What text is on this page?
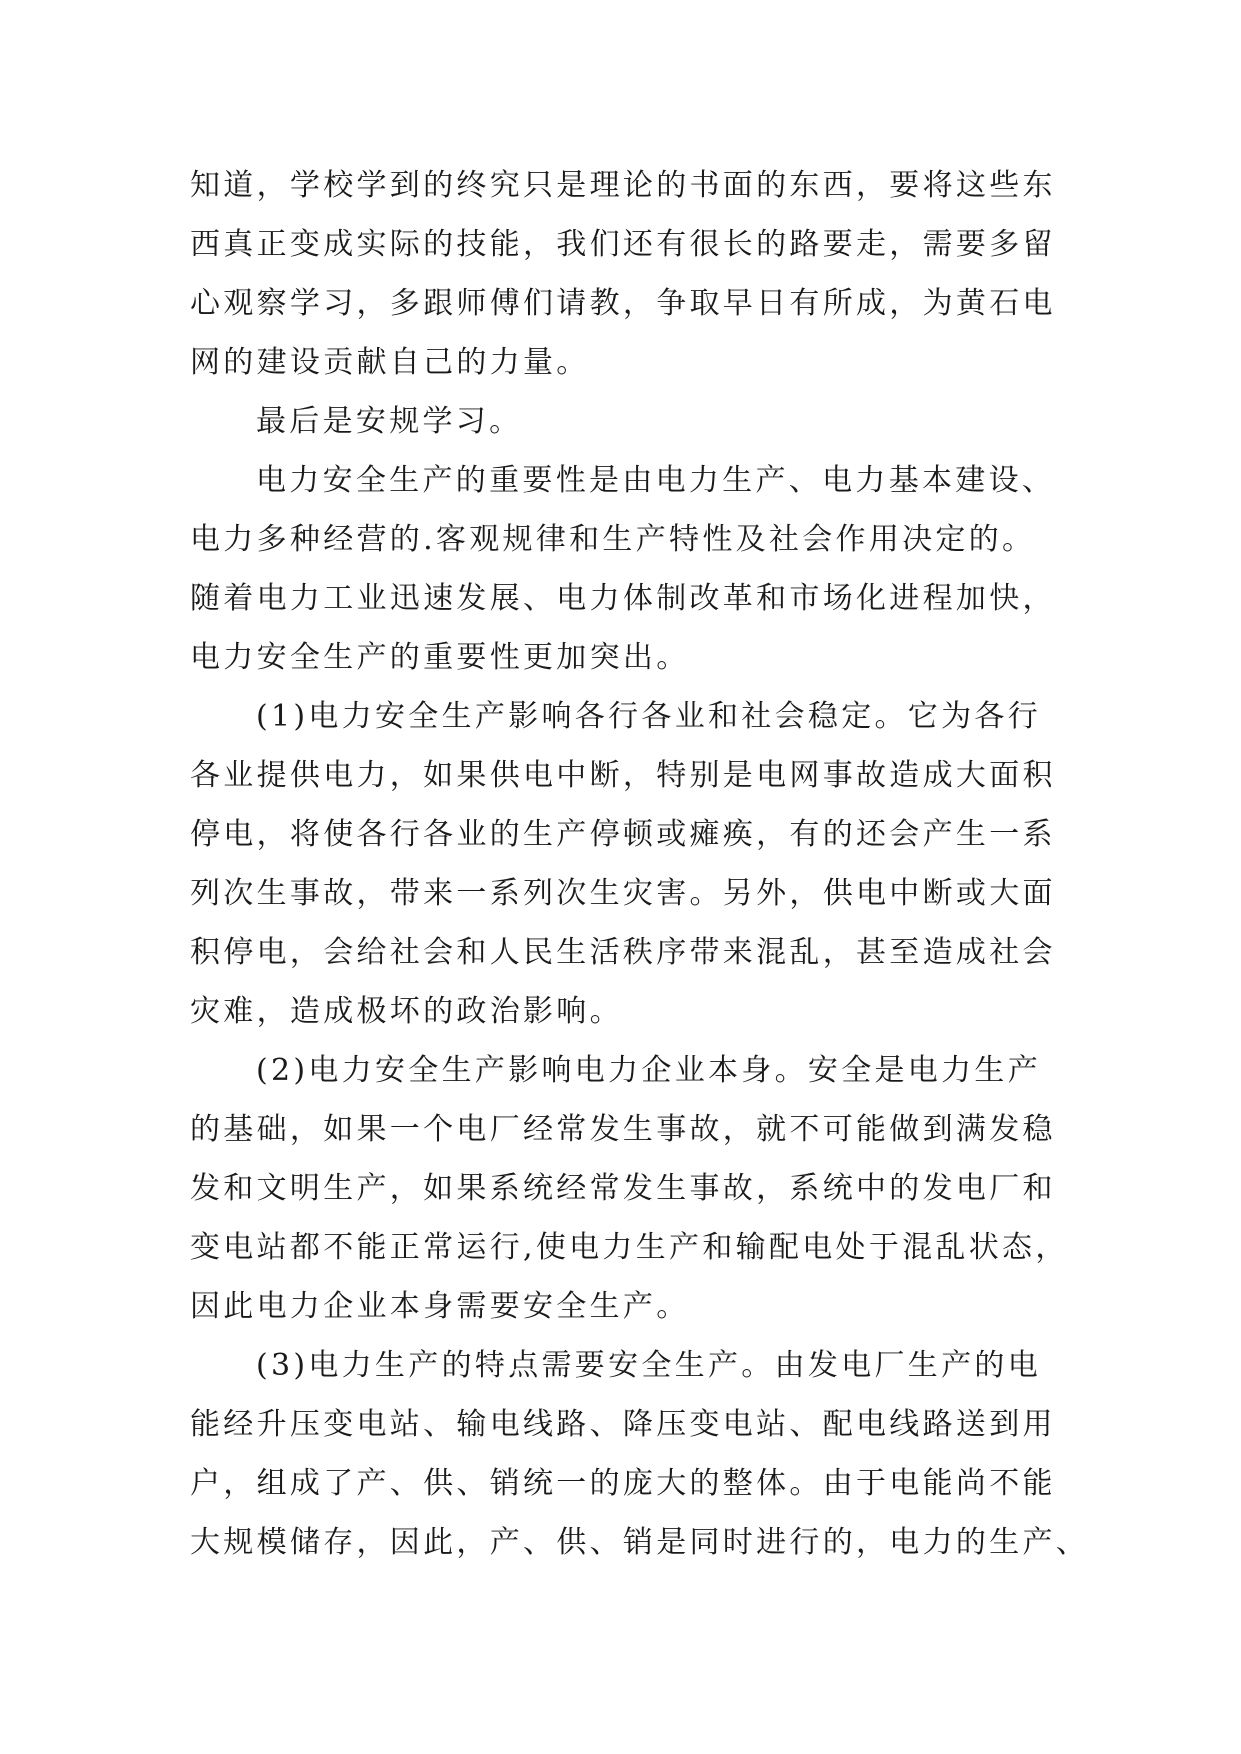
知道，学校学到的终究只是理论的书面的东西，要将这些东
西真正变成实际的技能，我们还有很长的路要走，需要多留
心观察学习，多跟师傅们请教，争取早日有所成，为黄石电
网的建设贡献自己的力量。
最后是安规学习。
电力安全生产的重要性是由电力生产、电力基本建设、
电力多种经营的.客观规律和生产特性及社会作用决定的。
随着电力工业迅速发展、电力体制改革和市场化进程加快，
电力安全生产的重要性更加突出。
(1)电力安全生产影响各行各业和社会稳定。它为各行
各业提供电力，如果供电中断，特别是电网事故造成大面积
停电，将使各行各业的生产停顿或瘫痪，有的还会产生一系
列次生事故，带来一系列次生灾害。另外，供电中断或大面
积停电，会给社会和人民生活秩序带来混乱，甚至造成社会
灾难，造成极坏的政治影响。
(2)电力安全生产影响电力企业本身。安全是电力生产
的基础，如果一个电厂经常发生事故，就不可能做到满发稳
发和文明生产，如果系统经常发生事故，系统中的发电厂和
变电站都不能正常运行,使电力生产和输配电处于混乱状态，
因此电力企业本身需要安全生产。
(3)电力生产的特点需要安全生产。由发电厂生产的电
能经升压变电站、输电线路、降压变电站、配电线路送到用
户，组成了产、供、销统一的庞大的整体。由于电能尚不能
大规模储存，因此，产、供、销是同时进行的，电力的生产、
